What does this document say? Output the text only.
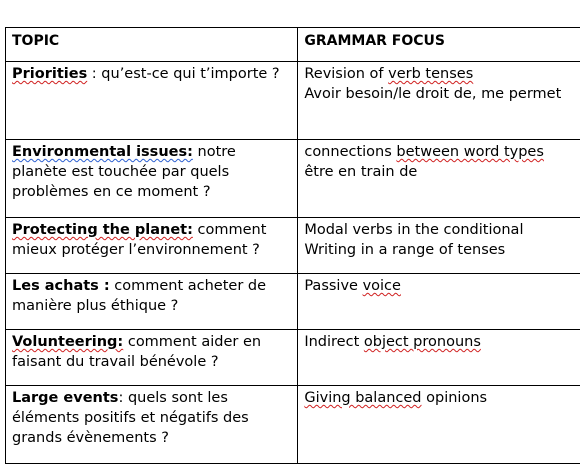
TOPIC	GRAMMAR FOCUS
Priorities : qu’est-ce qui t’importe ?	Revision of verb tenses
Avoir besoin/le droit de, me permet

Environmental issues: notre planète est touchée par quels problèmes en ce moment ?	connections between word types
être en train de

Protecting the planet: comment mieux protéger l’environnement ?	Modal verbs in the conditional
Writing in a range of tenses

Les achats : comment acheter de manière plus éthique ?	Passive voice

Volunteering: comment aider en faisant du travail bénévole ?	Indirect object pronouns

Large events: quels sont les éléments positifs et négatifs des grands évènements ?	Giving balanced opinions
